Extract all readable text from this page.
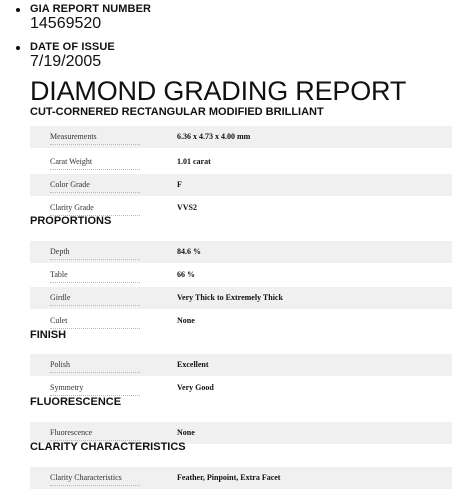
GIA REPORT NUMBER
14569520
DATE OF ISSUE
7/19/2005
DIAMOND GRADING REPORT
CUT-CORNERED RECTANGULAR MODIFIED BRILLIANT
Measurements	6.36 x 4.73 x 4.00 mm
Carat Weight	1.01 carat
Color Grade	F
Clarity Grade	VVS2
PROPORTIONS
Depth	84.6 %
Table	66 %
Girdle	Very Thick to Extremely Thick
Culet	None
FINISH
Polish	Excellent
Symmetry	Very Good
FLUORESCENCE
Fluorescence	None
CLARITY CHARACTERISTICS
Clarity Characteristics	Feather, Pinpoint, Extra Facet
